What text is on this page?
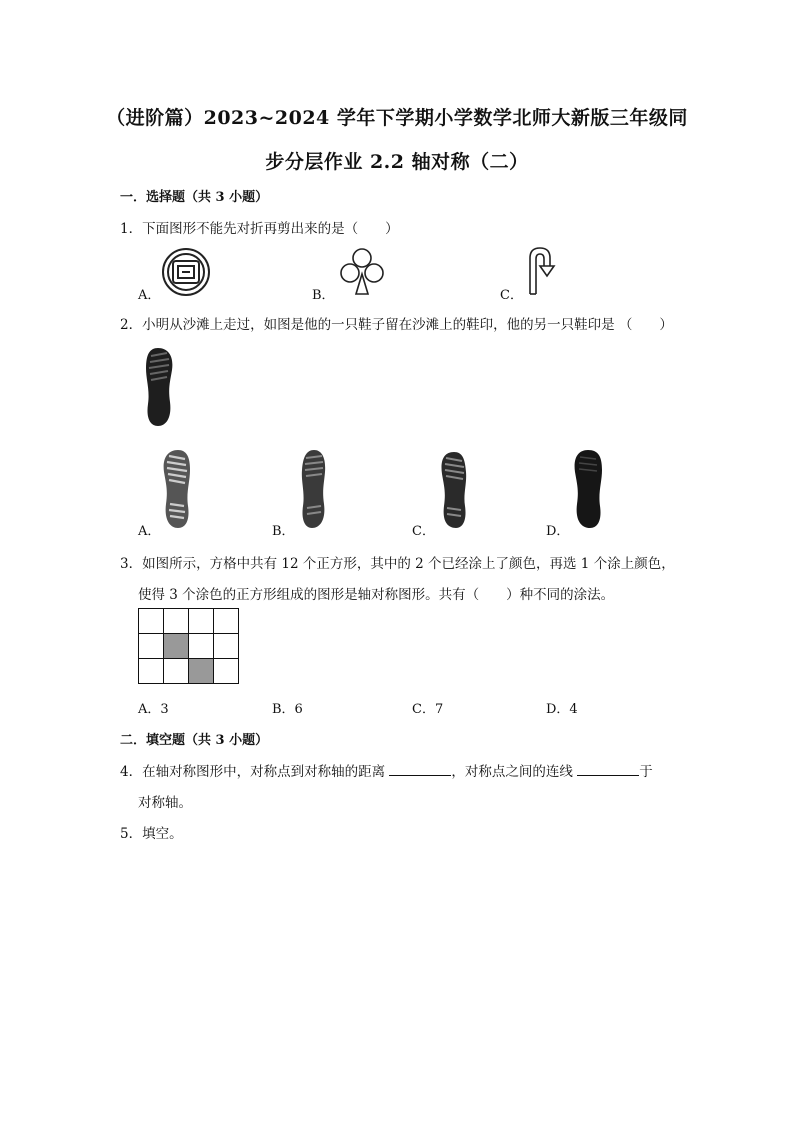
（进阶篇）2023~2024 学年下学期小学数学北师大新版三年级同
步分层作业 2.2 轴对称（二）
一．选择题（共 3 小题）
1．下面图形不能先对折再剪出来的是（　　）
A．	B．	C．
2．小明从沙滩上走过，如图是他的一只鞋子留在沙滩上的鞋印，他的另一只鞋印是 （　　）
A．	B．	C．	D．
3．如图所示，方格中共有 12 个正方形，其中的 2 个已经涂上了颜色，再选 1 个涂上颜色，
使得 3 个涂色的正方形组成的图形是轴对称图形。共有（　　）种不同的涂法。

A．3	B．6	C．7	D．4
二．填空题（共 3 小题）
4．在轴对称图形中，对称点到对称轴的距离	，对称点之间的连线	于
对称轴。
5．填空。
